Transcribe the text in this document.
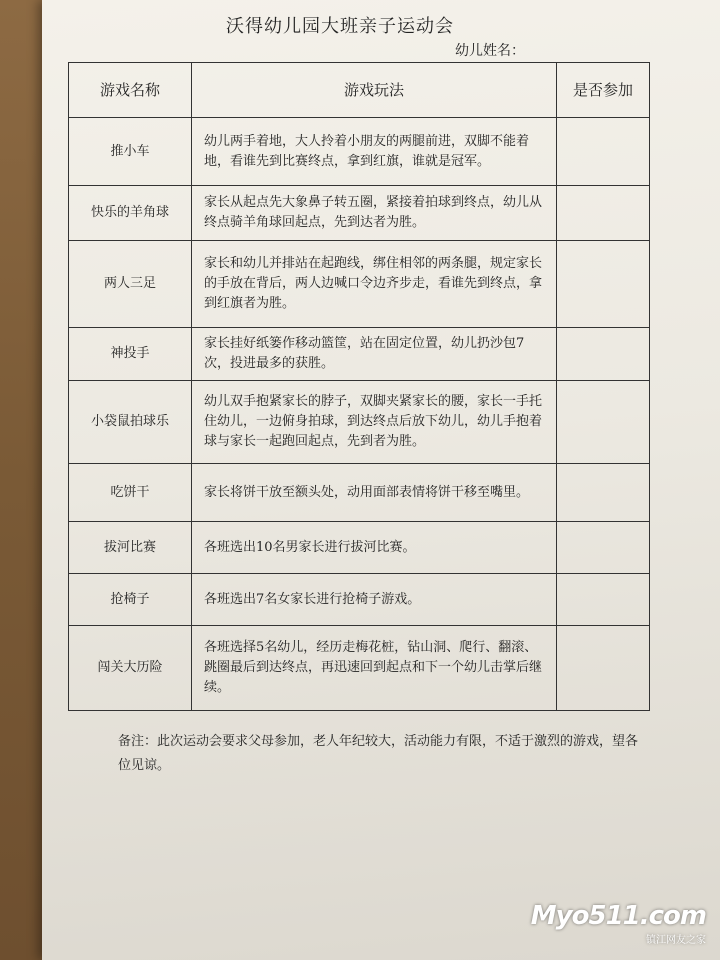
沃得幼儿园大班亲子运动会
幼儿姓名：
游戏名称	游戏玩法	是否参加
推小车	幼儿两手着地，大人拎着小朋友的两腿前进，双脚不能着地，看谁先到比赛终点，拿到红旗，谁就是冠军。	
快乐的羊角球	家长从起点先大象鼻子转五圈，紧接着拍球到终点，幼儿从终点骑羊角球回起点，先到达者为胜。	
两人三足	家长和幼儿并排站在起跑线，绑住相邻的两条腿，规定家长的手放在背后，两人边喊口令边齐步走，看谁先到终点，拿到红旗者为胜。	
神投手	家长挂好纸篓作移动篮筐，站在固定位置，幼儿扔沙包7次，投进最多的获胜。	
小袋鼠拍球乐	幼儿双手抱紧家长的脖子，双脚夹紧家长的腰，家长一手托住幼儿，一边俯身拍球，到达终点后放下幼儿，幼儿手抱着球与家长一起跑回起点，先到者为胜。	
吃饼干	家长将饼干放至额头处，动用面部表情将饼干移至嘴里。	
拔河比赛	各班选出10名男家长进行拔河比赛。	
抢椅子	各班选出7名女家长进行抢椅子游戏。	
闯关大历险	各班选择5名幼儿，经历走梅花桩，钻山洞、爬行、翻滚、跳圈最后到达终点，再迅速回到起点和下一个幼儿击掌后继续。	
备注：此次运动会要求父母参加，老人年纪较大，活动能力有限，不适于激烈的游戏，望各位见谅。
Myo511.com
镇江网友之家
